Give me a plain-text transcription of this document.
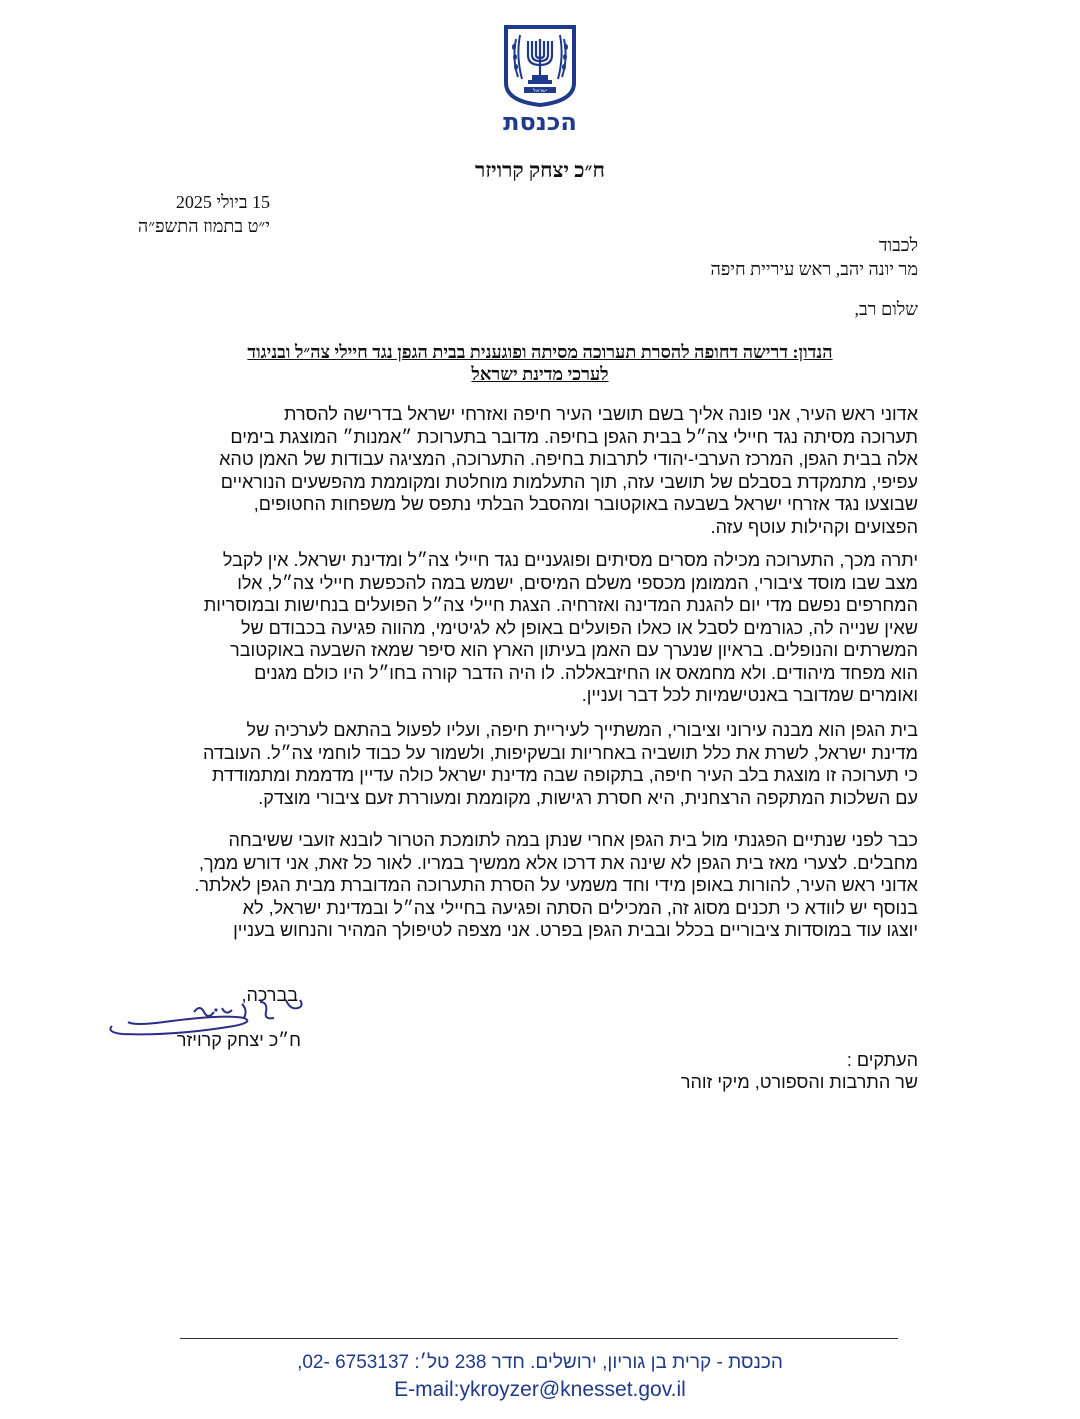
ישראל
הכנסת
ח״כ יצחק קרויזר
15 ביולי 2025
י״ט בתמוז התשפ״ה
לכבוד
מר יונה יהב, ראש עיריית חיפה
שלום רב,
הנדון: דרישה דחופה להסרת תערוכה מסיתה ופוגענית בבית הגפן נגד חיילי צה״ל ובניגוד
לערכי מדינת ישראל
אדוני ראש העיר, אני פונה אליך בשם תושבי העיר חיפה ואזרחי ישראל בדרישה להסרת
תערוכה מסיתה נגד חיילי צה״ל בבית הגפן בחיפה. מדובר בתערוכת ״אמנות״ המוצגת בימים
אלה בבית הגפן, המרכז הערבי-יהודי לתרבות בחיפה. התערוכה, המציגה עבודות של האמן טהא
עפיפי, מתמקדת בסבלם של תושבי עזה, תוך התעלמות מוחלטת ומקוממת מהפשעים הנוראיים
שבוצעו נגד אזרחי ישראל בשבעה באוקטובר ומהסבל הבלתי נתפס של משפחות החטופים,
הפצועים וקהילות עוטף עזה.
יתרה מכך, התערוכה מכילה מסרים מסיתים ופוגעניים נגד חיילי צה״ל ומדינת ישראל. אין לקבל
מצב שבו מוסד ציבורי, הממומן מכספי משלם המיסים, ישמש במה להכפשת חיילי צה״ל, אלו
המחרפים נפשם מדי יום להגנת המדינה ואזרחיה. הצגת חיילי צה״ל הפועלים בנחישות ובמוסריות
שאין שנייה לה, כגורמים לסבל או כאלו הפועלים באופן לא לגיטימי, מהווה פגיעה בכבודם של
המשרתים והנופלים. בראיון שנערך עם האמן בעיתון הארץ הוא סיפר שמאז השבעה באוקטובר
הוא מפחד מיהודים. ולא מחמאס או החיזבאללה. לו היה הדבר קורה בחו״ל היו כולם מגנים
ואומרים שמדובר באנטישמיות לכל דבר ועניין.
בית הגפן הוא מבנה עירוני וציבורי, המשתייך לעיריית חיפה, ועליו לפעול בהתאם לערכיה של
מדינת ישראל, לשרת את כלל תושביה באחריות ובשקיפות, ולשמור על כבוד לוחמי צה״ל. העובדה
כי תערוכה זו מוצגת בלב העיר חיפה, בתקופה שבה מדינת ישראל כולה עדיין מדממת ומתמודדת
עם השלכות המתקפה הרצחנית, היא חסרת רגישות, מקוממת ומעוררת זעם ציבורי מוצדק.
כבר לפני שנתיים הפגנתי מול בית הגפן אחרי שנתן במה לתומכת הטרור לובנא זועבי ששיבחה
מחבלים. לצערי מאז בית הגפן לא שינה את דרכו אלא ממשיך במריו. לאור כל זאת, אני דורש ממך,
אדוני ראש העיר, להורות באופן מידי וחד משמעי על הסרת התערוכה המדוברת מבית הגפן לאלתר.
בנוסף יש לוודא כי תכנים מסוג זה, המכילים הסתה ופגיעה בחיילי צה״ל ובמדינת ישראל, לא
יוצגו עוד במוסדות ציבוריים בכלל ובבית הגפן בפרט. אני מצפה לטיפולך המהיר והנחוש בעניין
בברכה,
ח״כ יצחק קרויזר
העתקים :
שר התרבות והספורט, מיקי זוהר
הכנסת - קרית בן גוריון, ירושלים. חדר 238 טל׳: 6753137 -02,
E-mail:ykroyzer@knesset.gov.il
